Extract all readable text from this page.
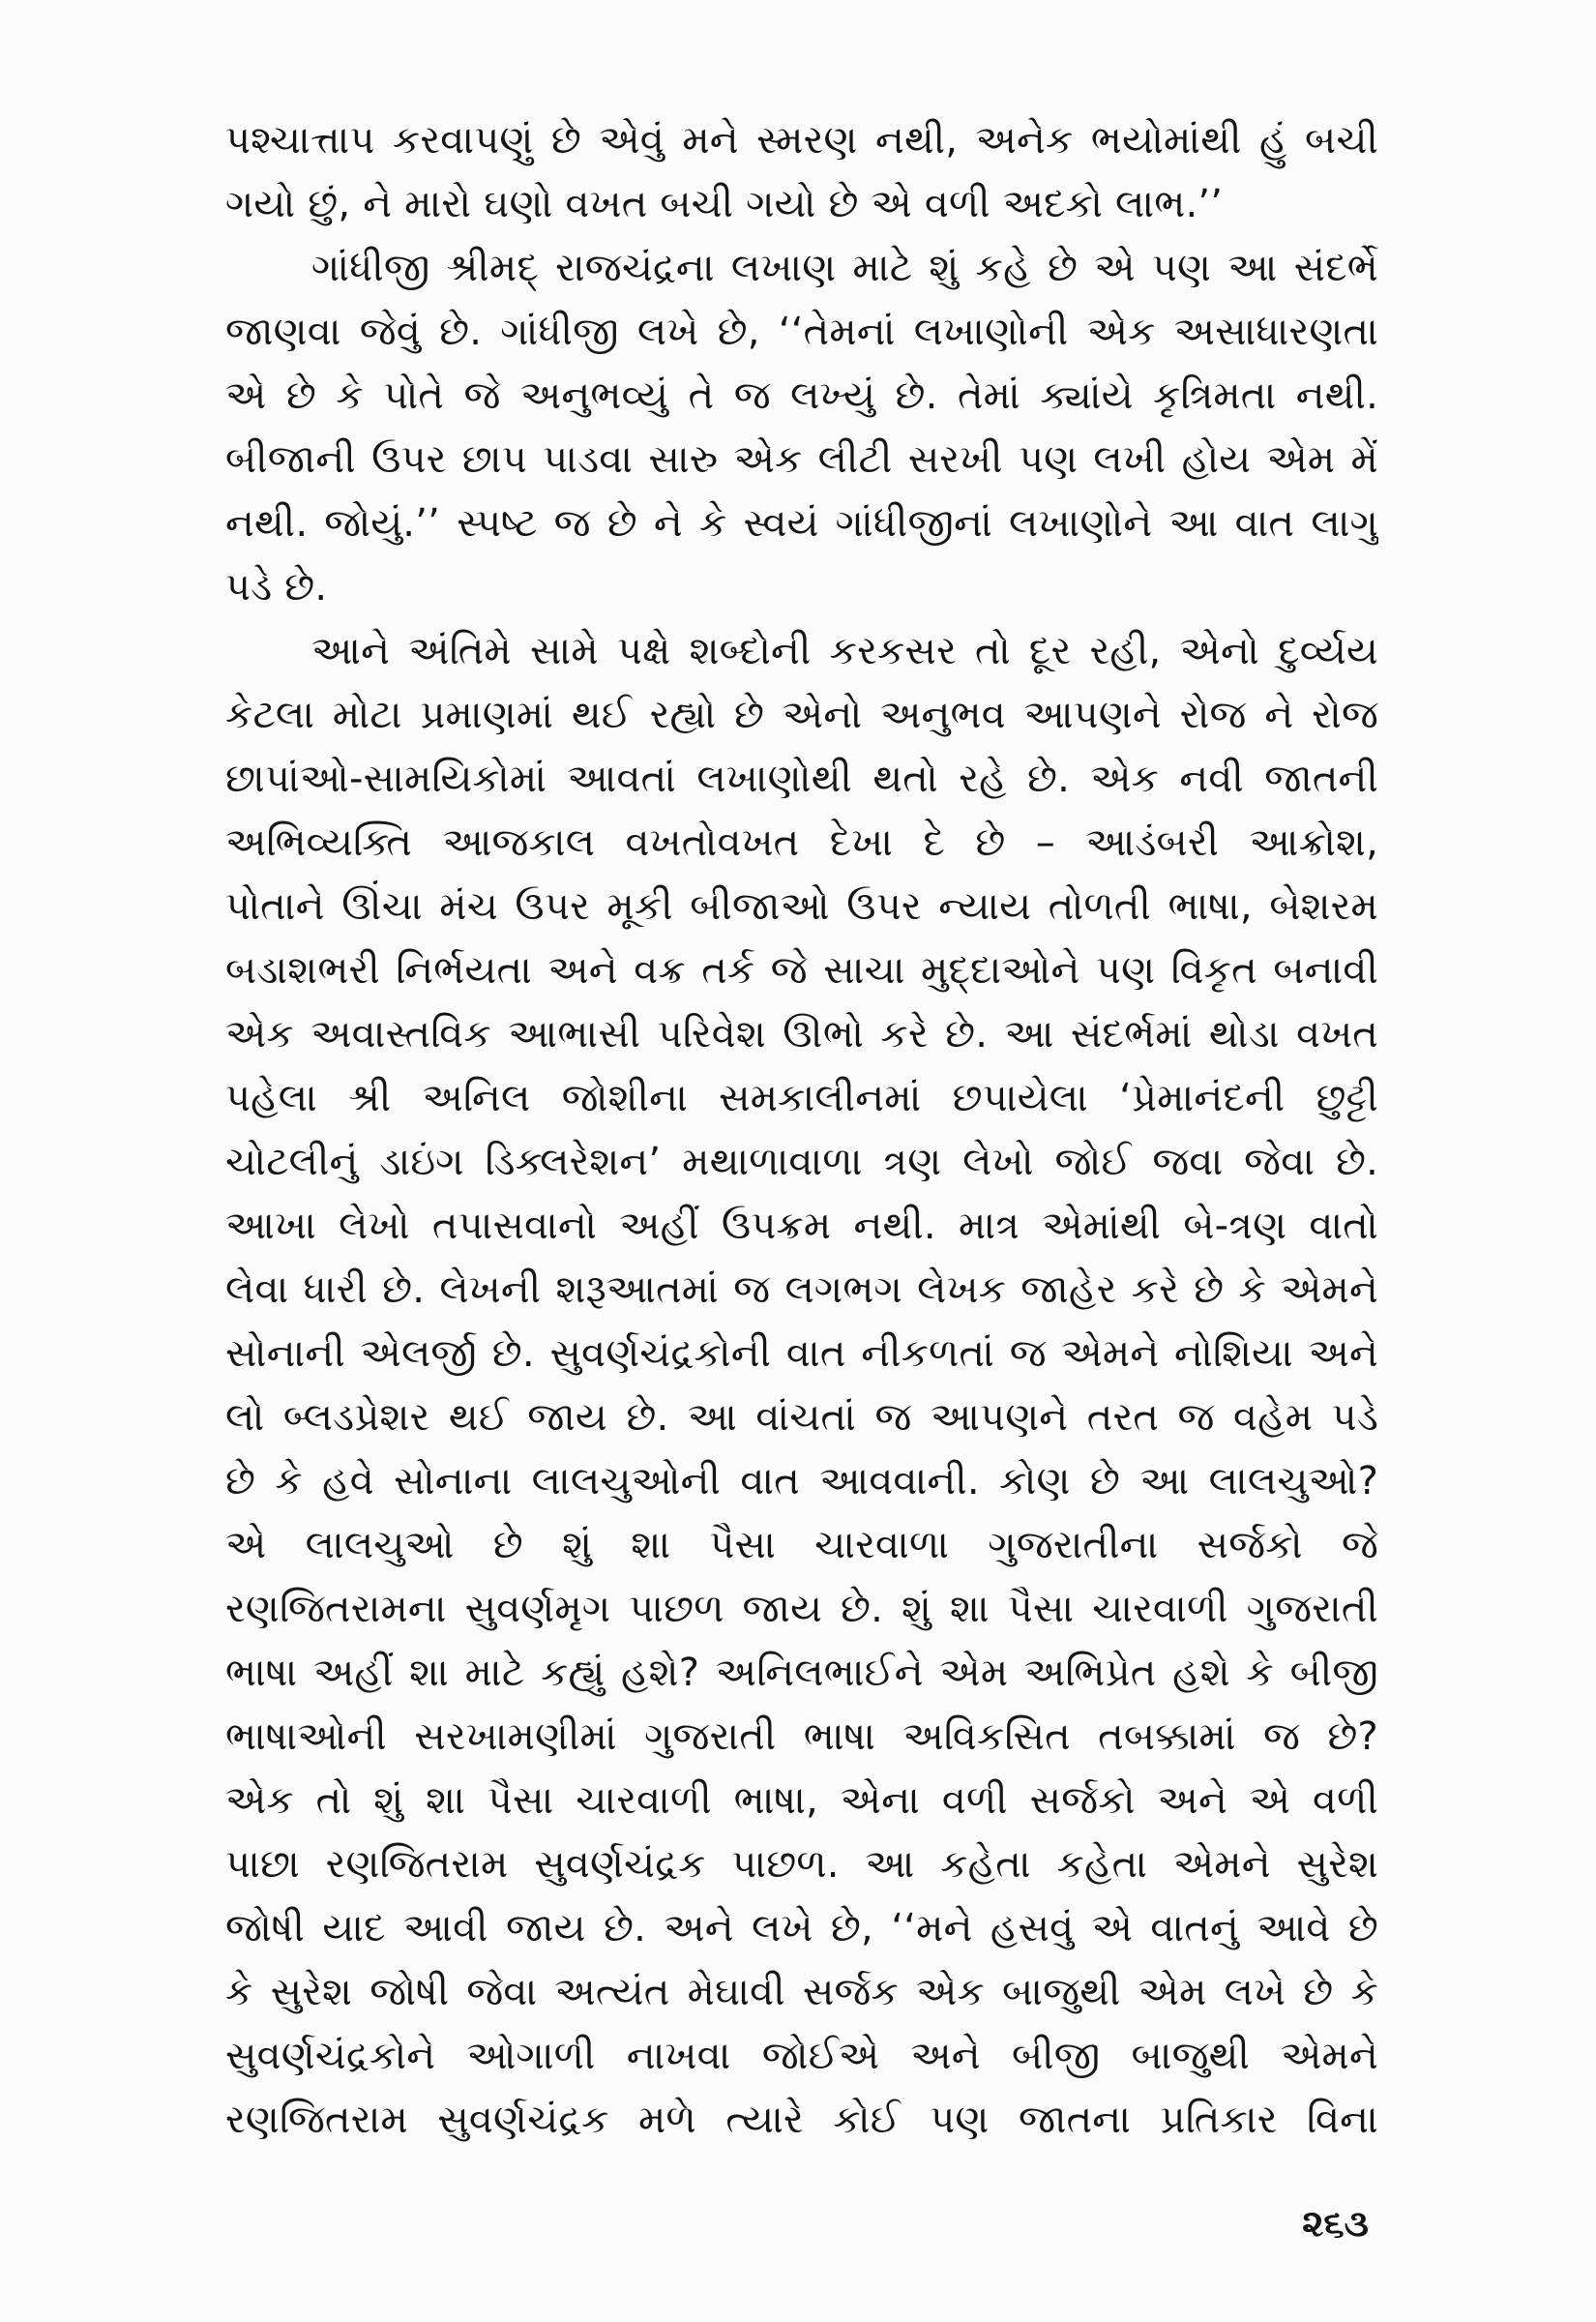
પશ્ચાત્તાપ કરવાપણું છે એવું મને સ્મરણ નથી, અનેક ભયોમાંથી હું બચી
ગયો છું, ને મારો ઘણો વખત બચી ગયો છે એ વળી અદકો લાભ.’’
ગાંધીજી શ્રીમદ્ રાજચંદ્રના લખાણ માટે શું કહે છે એ પણ આ સંદર્ભે
જાણવા જેવું છે. ગાંધીજી લખે છે, ‘‘તેમનાં લખાણોની એક અસાધારણતા
એ છે કે પોતે જે અનુભવ્યું તે જ લખ્યું છે. તેમાં ક્યાંયે કૃત્રિમતા નથી.
બીજાની ઉપર છાપ પાડવા સારુ એક લીટી સરખી પણ લખી હોય એમ મેં
નથી. જોયું.’’ સ્પષ્ટ જ છે ને કે સ્વયં ગાંધીજીનાં લખાણોને આ વાત લાગુ
પડે છે.
આને અંતિમે સામે પક્ષે શબ્દોની કરકસર તો દૂર રહી, એનો દુર્વ્યય
કેટલા મોટા પ્રમાણમાં થઈ રહ્યો છે એનો અનુભવ આપણને રોજ ને રોજ
છાપાંઓ-સામયિકોમાં આવતાં લખાણોથી થતો રહે છે. એક નવી જાતની
અભિવ્યક્તિ આજકાલ વખતોવખત દેખા દે છે – આડંબરી આક્રોશ,
પોતાને ઊંચા મંચ ઉપર મૂકી બીજાઓ ઉપર ન્યાય તોળતી ભાષા, બેશરમ
બડાશભરી નિર્ભયતા અને વક્ર તર્ક જે સાચા મુદ્દાઓને પણ વિકૃત બનાવી
એક અવાસ્તવિક આભાસી પરિવેશ ઊભો કરે છે. આ સંદર્ભમાં થોડા વખત
પહેલા શ્રી અનિલ જોશીના સમકાલીનમાં છપાયેલા ‘પ્રેમાનંદની છુટ્ટી
ચોટલીનું ડાઇંગ ડિક્લરેશન’ મથાળાવાળા ત્રણ લેખો જોઈ જવા જેવા છે.
આખા લેખો તપાસવાનો અહીં ઉપક્રમ નથી. માત્ર એમાંથી બે-ત્રણ વાતો
લેવા ધારી છે. લેખની શરૂઆતમાં જ લગભગ લેખક જાહેર કરે છે કે એમને
સોનાની એલર્જી છે. સુવર્ણચંદ્રકોની વાત નીકળતાં જ એમને નોશિયા અને
લો બ્લડપ્રેશર થઈ જાય છે. આ વાંચતાં જ આપણને તરત જ વહેમ પડે
છે કે હવે સોનાના લાલચુઓની વાત આવવાની. કોણ છે આ લાલચુઓ?
એ લાલચુઓ છે શું શા પૈસા ચારવાળા ગુજરાતીના સર્જકો જે
રણજિતરામના સુવર્ણમૃગ પાછળ જાય છે. શું શા પૈસા ચારવાળી ગુજરાતી
ભાષા અહીં શા માટે કહ્યું હશે? અનિલભાઈને એમ અભિપ્રેત હશે કે બીજી
ભાષાઓની સરખામણીમાં ગુજરાતી ભાષા અવિકસિત તબક્કામાં જ છે?
એક તો શું શા પૈસા ચારવાળી ભાષા, એના વળી સર્જકો અને એ વળી
પાછા રણજિતરામ સુવર્ણચંદ્રક પાછળ. આ કહેતા કહેતા એમને સુરેશ
જોષી યાદ આવી જાય છે. અને લખે છે, ‘‘મને હસવું એ વાતનું આવે છે
કે સુરેશ જોષી જેવા અત્યંત મેઘાવી સર્જક એક બાજુથી એમ લખે છે કે
સુવર્ણચંદ્રકોને ઓગાળી નાખવા જોઈએ અને બીજી બાજુથી એમને
રણજિતરામ સુવર્ણચંદ્રક મળે ત્યારે કોઈ પણ જાતના પ્રતિકાર વિના
૨૬૩
